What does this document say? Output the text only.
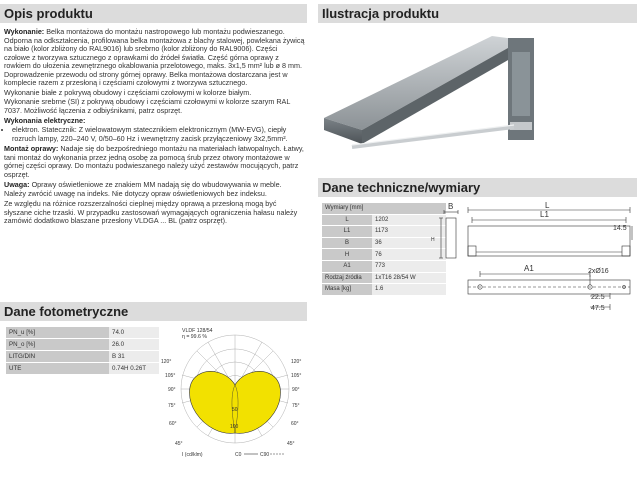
Opis produktu

Wykonanie: Belka montażowa do montażu nastropowego lub montażu podwieszanego. Odporna na odkształcenia, profilowana belka montażowa z blachy stalowej, powlekana żywicą na biało (kolor zbliżony do RAL9016) lub srebrno (kolor zbliżony do RAL9006). Części czołowe z tworzywa sztucznego z oprawkami do źródeł światła. Część górna oprawy z rowkiem do ułożenia zewnętrznego okablowania przelotowego, maks. 3x1,5 mm² lub ø 8 mm. Doprowadzenie przewodu od strony górnej oprawy. Belka montażowa dostarczana jest w komplecie razem z przesłoną i częściami czołowymi z tworzywa sztucznego.

Wykonanie białe z pokrywą obudowy i częściami czołowymi w kolorze białym.

Wykonanie srebrne (SI) z pokrywą obudowy i częściami czołowymi w kolorze szarym RAL 7037. Możliwość łączenia z odbiyśnikami, patrz osprzęt.

Wykonania elektryczne:

• elektron. Statecznik: Z wielowatowym statecznikiem elektronicznym (MW-EVG), ciepły rozruch lampy, 220–240 V, 0/50–60 Hz i wewnętrzny zacisk przyłączeniowy 3x2,5mm².

Montaż oprawy: Nadaje się do bezpośredniego montażu na materiałach łatwopalnych. Łatwy, tani montaż do wykonania przez jedną osobę za pomocą śrub przez otwory montażowe w górnej części oprawy. Do montażu podwieszanego należy użyć zestawów mocujących, patrz osprzęt.

Uwaga: Oprawy oświetleniowe ze znakiem MM nadają się do wbudowywania w meble. Należy zwrócić uwagę na indeks. Nie dotyczy opraw oświetleniowych bez indeksu.

Ze względu na różnice rozszerzalności cieplnej między oprawą a przesłoną mogą być słyszane ciche trzaski. W przypadku zastosowań wymagających ograniczenia hałasu należy zamówić dodatkowo blaszane przesłony VLDGA ... BL (patrz osprzęt).

Dane fotometryczne
PN_u [%]	74.0
PN_o [%]	26.0
LITG/DIN	B 31
UTE	0.74H 0.26T
VLDF 128/54
η = 99.6 %
120°
105°
90°
75°
60°
45°
120°
105°
90°
75°
60°
45°
50
100
I (cd/klm)	C0	C90
Ilustracja produktu
Dane techniczne/wymiary
Wymiary [mm]	
L	1202
L1	1173
B	36
H	76
A1	773
Rodzaj źródła	1xT16 28/54 W
Masa [kg]	1.6
B
H
L
L1
14.5
A1	2xØ16
22.5
47.5
